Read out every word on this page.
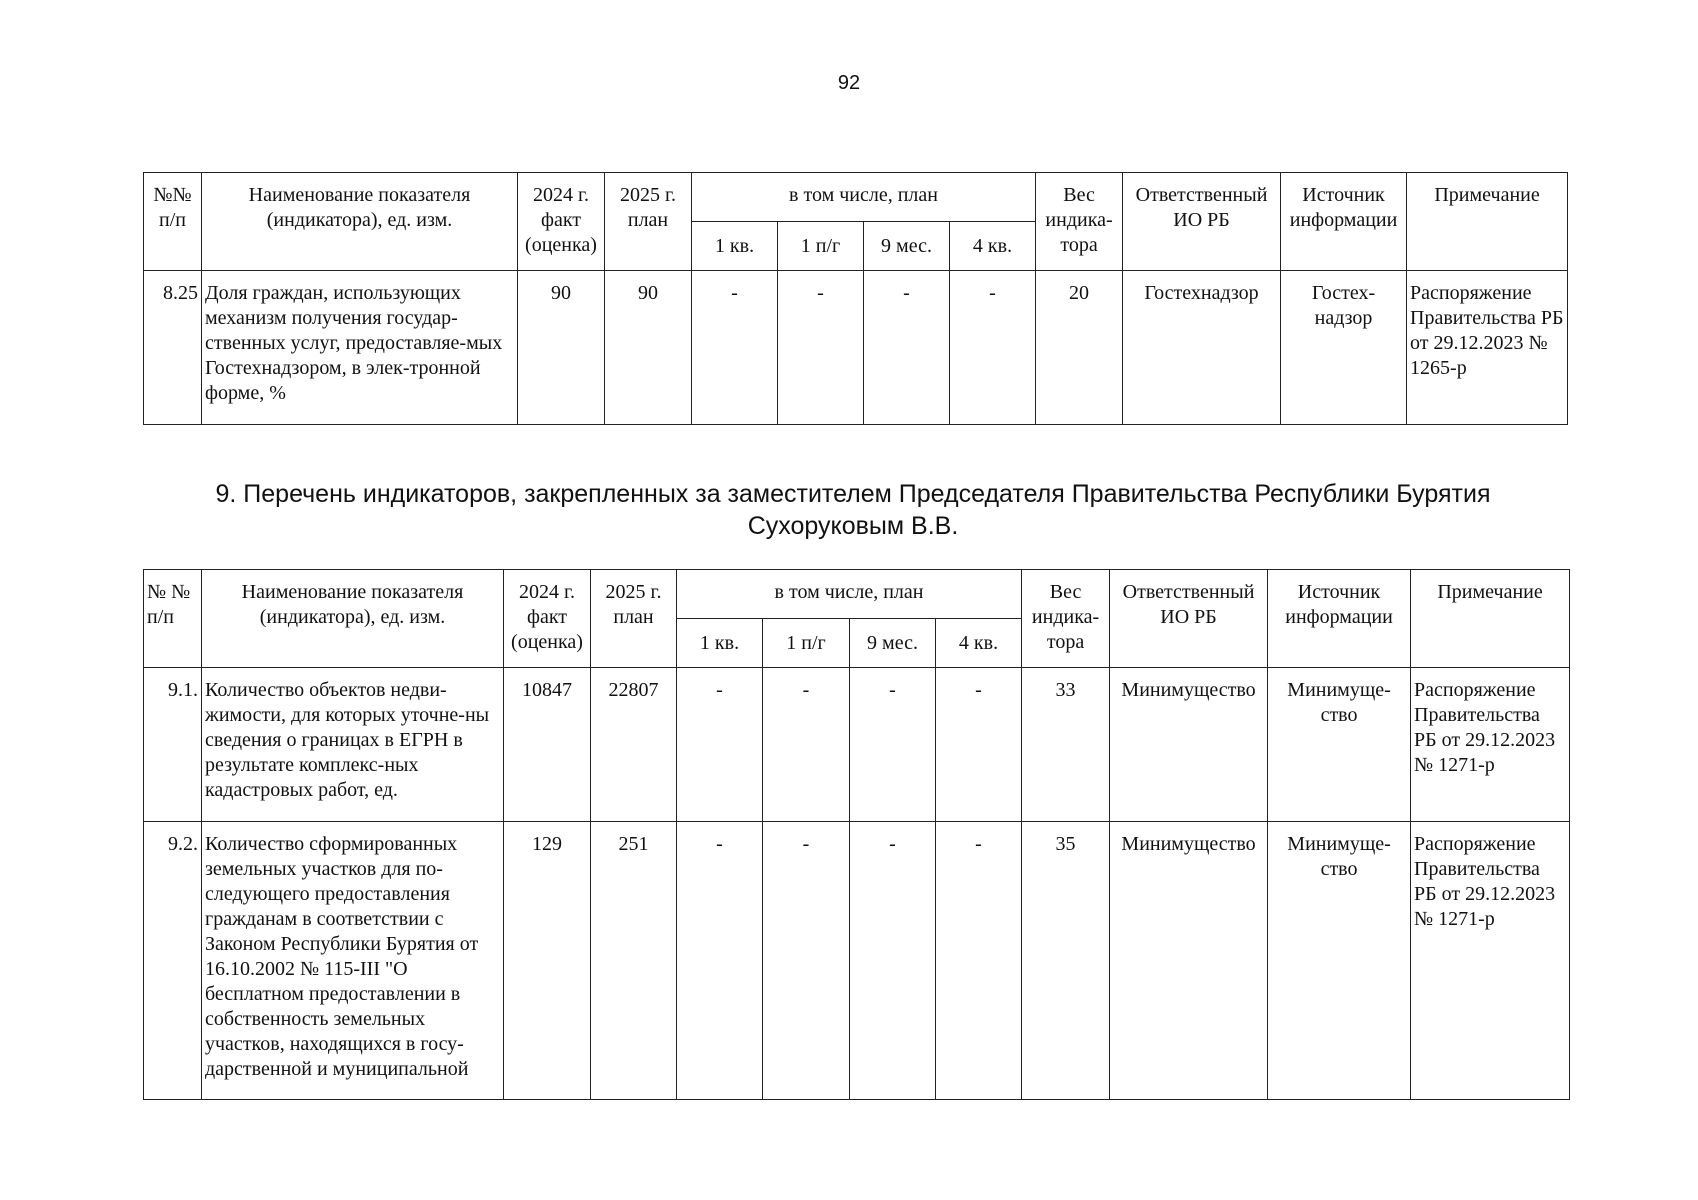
92
№№ п/п	Наименование показателя (индикатора), ед. изм.	2024 г. факт (оценка)	2025 г. план	в том числе, план				Вес индика-тора	Ответственный ИО РБ	Источник информации	Примечание
				1 кв.	1 п/г	9 мес.	4 кв.				
8.25	Доля граждан, использующих механизм получения государ-ственных услуг, предоставляе-мых Гостехнадзором, в элек-тронной форме, %	90	90	-	-	-	-	20	Гостехнадзор	Гостех-надзор	Распоряжение Правительства РБ от 29.12.2023 № 1265-р
9. Перечень индикаторов, закрепленных за заместителем Председателя Правительства Республики Бурятия
Сухоруковым В.В.
№ № п/п	Наименование показателя (индикатора), ед. изм.	2024 г. факт (оценка)	2025 г. план	в том числе, план				Вес индика-тора	Ответственный ИО РБ	Источник информации	Примечание
				1 кв.	1 п/г	9 мес.	4 кв.				
9.1.	Количество объектов недви-жимости, для которых уточне-ны сведения о границах в ЕГРН в результате комплекс-ных кадастровых работ, ед.	10847	22807	-	-	-	-	33	Минимущество	Минимуще-ство	Распоряжение Правительства РБ от 29.12.2023 № 1271-р
9.2.	Количество сформированных земельных участков для по-следующего предоставления гражданам в соответствии с Законом Республики Бурятия от 16.10.2002 № 115-III "О бесплатном предоставлении в собственность земельных участков, находящихся в госу-дарственной и муниципальной	129	251	-	-	-	-	35	Минимущество	Минимуще-ство	Распоряжение Правительства РБ от 29.12.2023 № 1271-р
